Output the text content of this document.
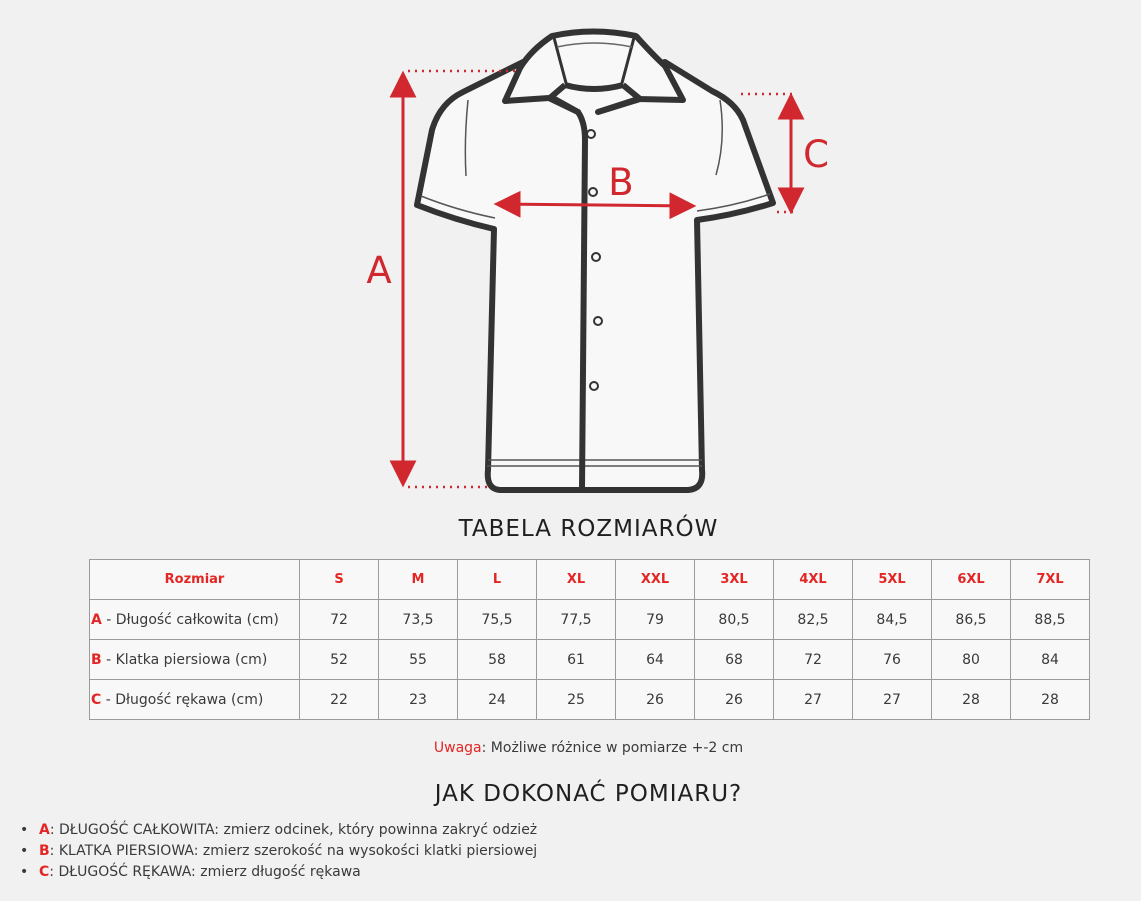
A
B
C
TABELA ROZMIARÓW
Rozmiar	S	M	L	XL	XXL	3XL	4XL	5XL	6XL	7XL
A - Długość całkowita (cm)	72	73,5	75,5	77,5	79	80,5	82,5	84,5	86,5	88,5
B - Klatka piersiowa (cm)	52	55	58	61	64	68	72	76	80	84
C - Długość rękawa (cm)	22	23	24	25	26	26	27	27	28	28
Uwaga: Możliwe różnice w pomiarze +-2 cm
JAK DOKONAĆ POMIARU?
• A: DŁUGOŚĆ CAŁKOWITA: zmierz odcinek, który powinna zakryć odzież
• B: KLATKA PIERSIOWA: zmierz szerokość na wysokości klatki piersiowej
• C: DŁUGOŚĆ RĘKAWA: zmierz długość rękawa
